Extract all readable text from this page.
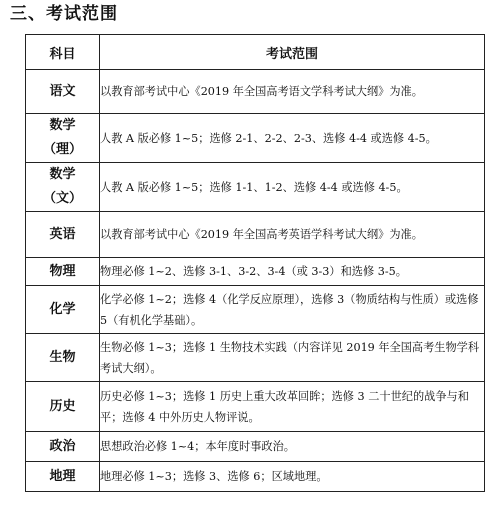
三、考试范围
科目	考试范围

语文	以教育部考试中心《2019 年全国高考语文学科考试大纲》为准。

数学
（理）	人教 A 版必修 1~5；选修 2-1、2-2、2-3、选修 4-4 或选修 4-5。

数学
（文）	人教 A 版必修 1~5；选修 1-1、1-2、选修 4-4 或选修 4-5。

英语	以教育部考试中心《2019 年全国高考英语学科考试大纲》为准。

物理	物理必修 1~2、选修 3-1、3-2、3-4（或 3-3）和选修 3-5。

化学	化学必修 1~2；选修 4（化学反应原理），选修 3（物质结构与性质）或选修 5（有机化学基础）。

生物	生物必修 1~3；选修 1 生物技术实践（内容详见 2019 年全国高考生物学科考试大纲）。

历史	历史必修 1~3；选修 1 历史上重大改革回眸；选修 3 二十世纪的战争与和平；选修 4 中外历史人物评说。

政治	思想政治必修 1~4；本年度时事政治。

地理	地理必修 1~3；选修 3、选修 6；区域地理。
